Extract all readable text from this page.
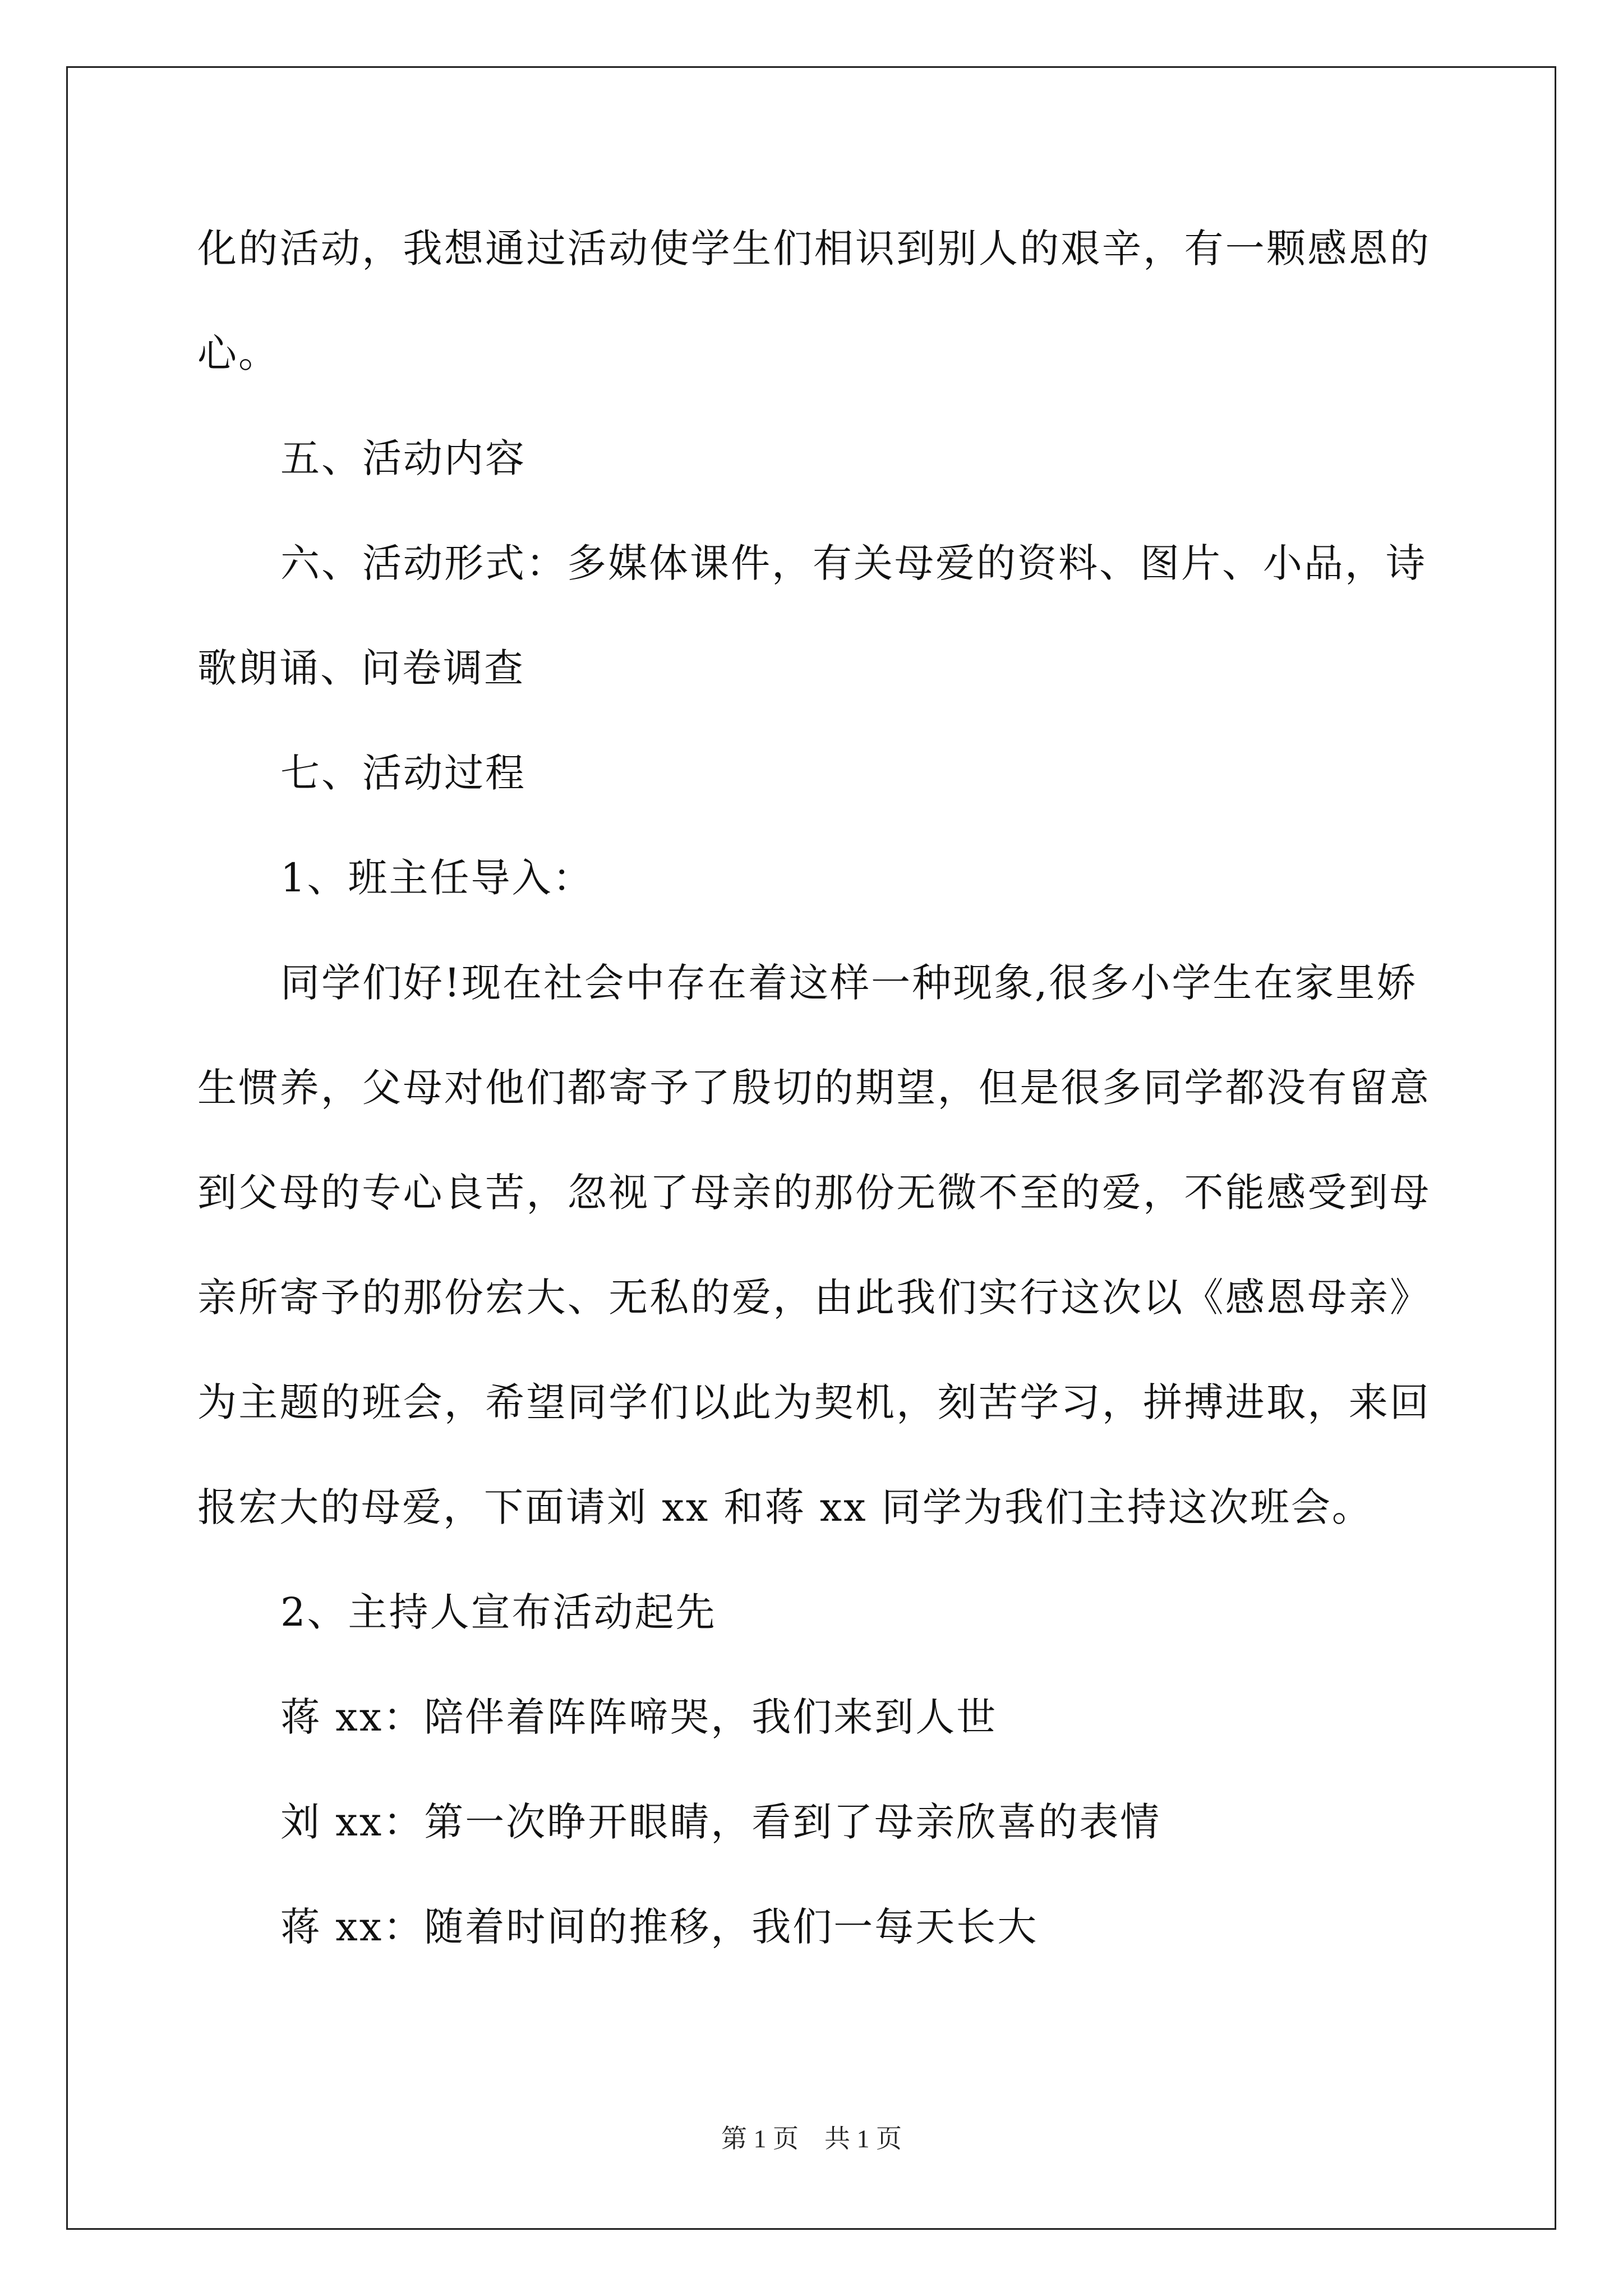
化的活动，我想通过活动使学生们相识到别人的艰辛，有一颗感恩的
心。
五、活动内容
六、活动形式：多媒体课件，有关母爱的资料、图片、小品，诗
歌朗诵、问卷调查
七、活动过程
1、班主任导入：
同学们好!现在社会中存在着这样一种现象,很多小学生在家里娇
生惯养，父母对他们都寄予了殷切的期望，但是很多同学都没有留意
到父母的专心良苦，忽视了母亲的那份无微不至的爱，不能感受到母
亲所寄予的那份宏大、无私的爱，由此我们实行这次以《感恩母亲》
为主题的班会，希望同学们以此为契机，刻苦学习，拼搏进取，来回
报宏大的母爱，下面请刘 xx 和蒋 xx 同学为我们主持这次班会。
2、主持人宣布活动起先
蒋 xx：陪伴着阵阵啼哭，我们来到人世
刘 xx：第一次睁开眼睛，看到了母亲欣喜的表情
蒋 xx：随着时间的推移，我们一每天长大
第 1 页　共 1 页
